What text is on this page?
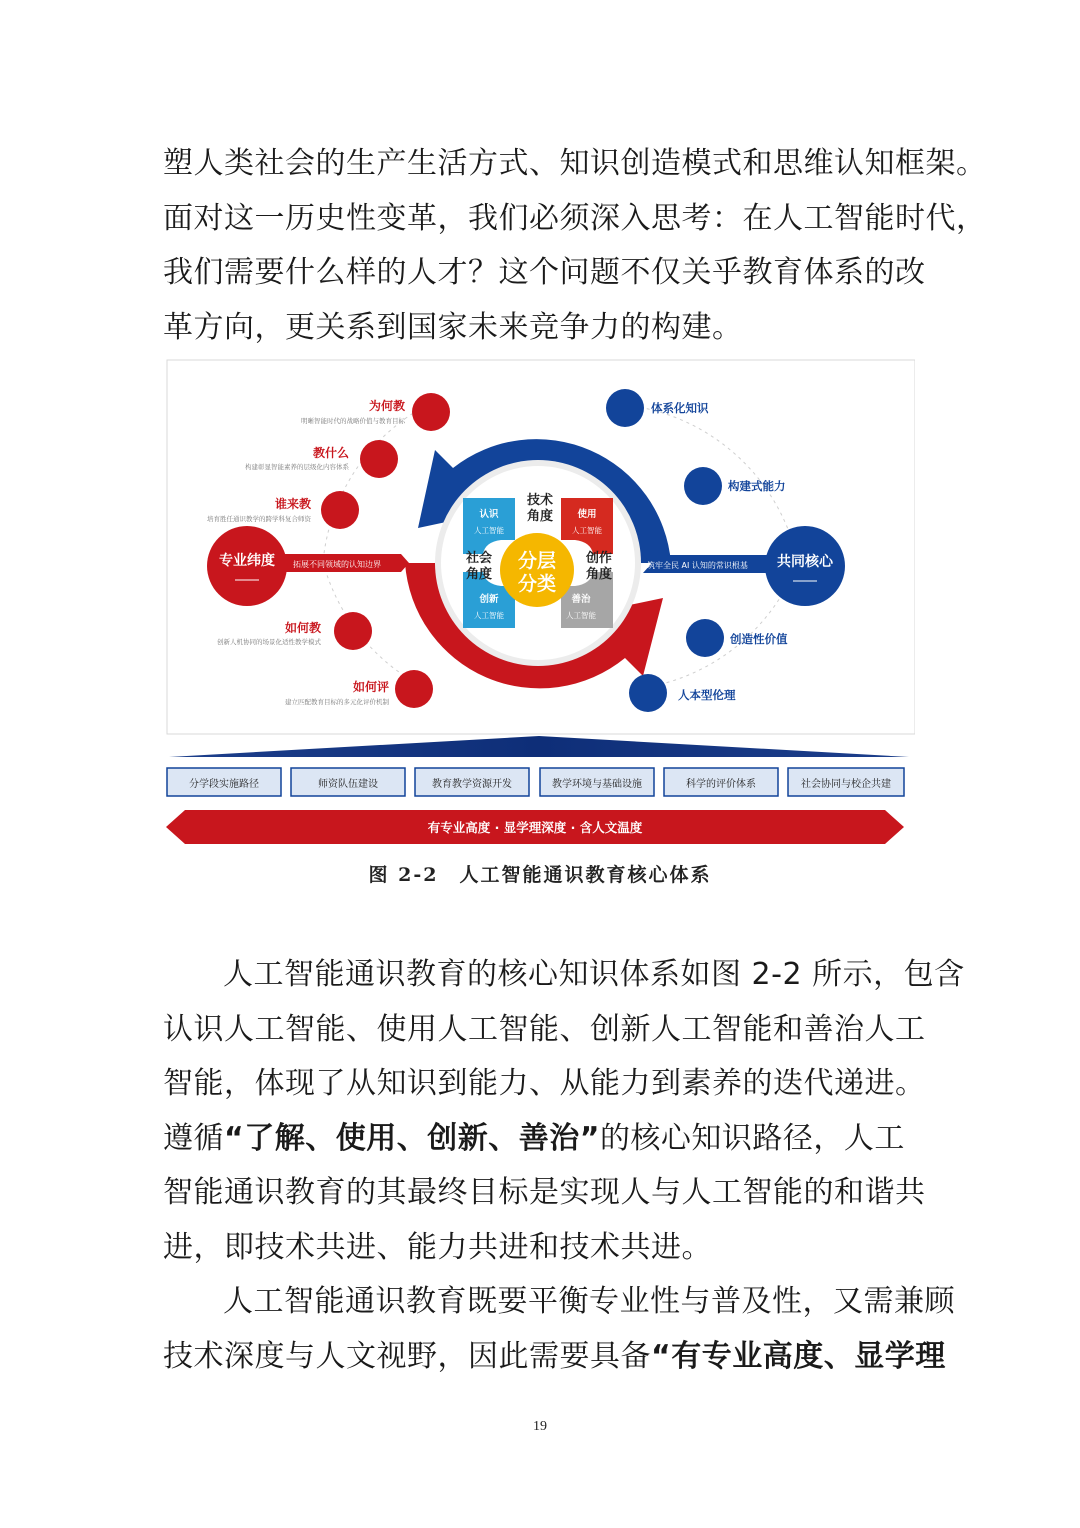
塑人类社会的生产生活方式、知识创造模式和思维认知框架。
面对这一历史性变革，我们必须深入思考：在人工智能时代，
我们需要什么样的人才？这个问题不仅关乎教育体系的改
革方向，更关系到国家未来竞争力的构建。
认识
人工智能
使用
人工智能
创新
人工智能
善治
人工智能
技术
角度
社会
角度
创作
角度
分层
分类
为何教
明晰智能时代的战略价值与教育目标
教什么
构建彰显智能素养的层级化内容体系
谁来教
培育胜任通识教学的跨学科复合师资
如何教
创新人机协同的场景化适性教学模式
如何评
建立匹配教育目标的多元化评价机制
专业纬度 拓展不同领域的认知边界
体系化知识
构建式能力
创造性价值
人本型伦理
共同核心
筑牢全民 AI 认知的常识根基
分学段实施路径	师资队伍建设	教育教学资源开发	教学环境与基础设施	科学的评价体系	社会协同与校企共建
有专业高度 · 显学理深度 · 含人文温度
图 2-2　人工智能通识教育核心体系
人工智能通识教育的核心知识体系如图 2-2 所示，包含
认识人工智能、使用人工智能、创新人工智能和善治人工
智能，体现了从知识到能力、从能力到素养的迭代递进。
遵循“了解、使用、创新、善治”的核心知识路径，人工
智能通识教育的其最终目标是实现人与人工智能的和谐共
进，即技术共进、能力共进和技术共进。
人工智能通识教育既要平衡专业性与普及性，又需兼顾
技术深度与人文视野，因此需要具备“有专业高度、显学理
19
